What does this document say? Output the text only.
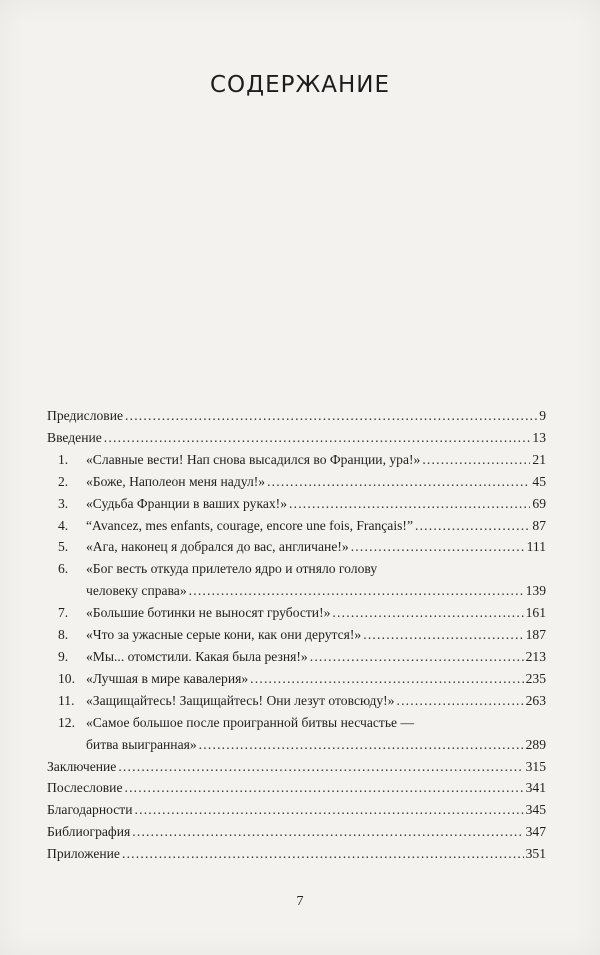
СОДЕРЖАНИЕ
Предисловие .....	9
Введение .....	13
1.	«Славные вести! Нап снова высадился во Франции, ура!» .....	21
2.	«Боже, Наполеон меня надул!» .....	45
3.	«Судьба Франции в ваших руках!» .....	69
4.	“Avancez, mes enfants, courage, encore une fois, Français!” .....	87
5.	«Ага, наконец я добрался до вас, англичане!» .....	111
6.	«Бог весть откуда прилетело ядро и отняло голову
человеку справа» .....	139
7.	«Большие ботинки не выносят грубости!» .....	161
8.	«Что за ужасные серые кони, как они дерутся!» .....	187
9.	«Мы... отомстили. Какая была резня!» .....	213
10. «Лучшая в мире кавалерия» .....	235
11. «Защищайтесь! Защищайтесь! Они лезут отовсюду!» .....	263
12. «Самое большое после проигранной битвы несчастье —
битва выигранная» .....	289
Заключение .....	315
Послесловие .....	341
Благодарности .....	345
Библиография .....	347
Приложение .....	351
7
